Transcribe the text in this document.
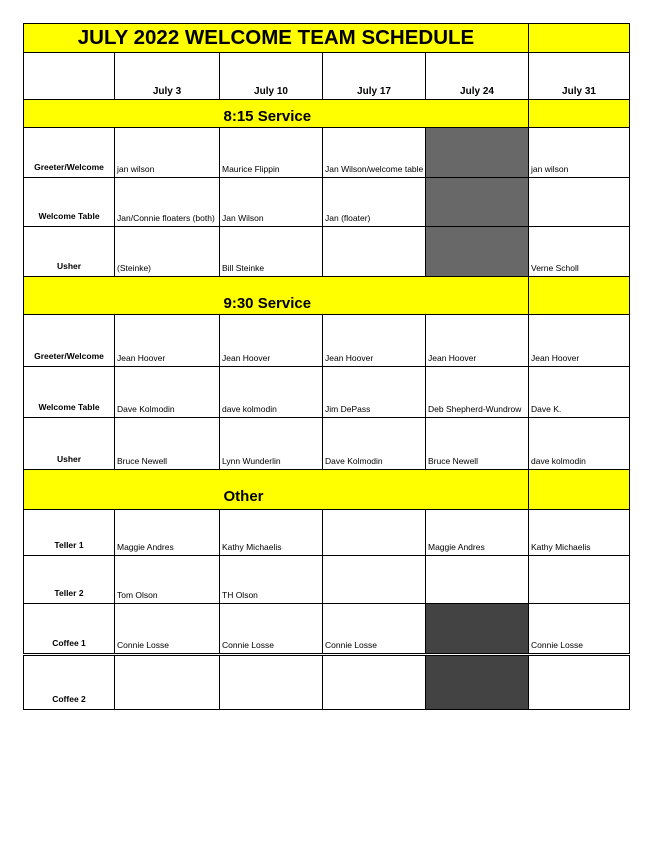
JULY 2022 WELCOME TEAM SCHEDULE					
	July 3	July 10	July 17	July 24	July 31
		8:15 Service			
Greeter/Welcome	jan wilson	Maurice Flippin	Jan Wilson/welcome table		jan wilson
Welcome Table	Jan/Connie floaters (both)	Jan Wilson	Jan (floater)		
Usher	(Steinke)	Bill Steinke			Verne Scholl
		9:30 Service			
Greeter/Welcome	Jean Hoover	Jean Hoover	Jean Hoover	Jean Hoover	Jean Hoover
Welcome Table	Dave Kolmodin	dave kolmodin	Jim DePass	Deb Shepherd-Wundrow	Dave K.
Usher	Bruce Newell	Lynn Wunderlin	Dave Kolmodin	Bruce Newell	dave kolmodin
		Other			
Teller 1	Maggie Andres	Kathy Michaelis		Maggie Andres	Kathy Michaelis
Teller 2	Tom Olson	TH Olson			
Coffee 1	Connie Losse	Connie Losse	Connie Losse		Connie Losse
Coffee 2					
